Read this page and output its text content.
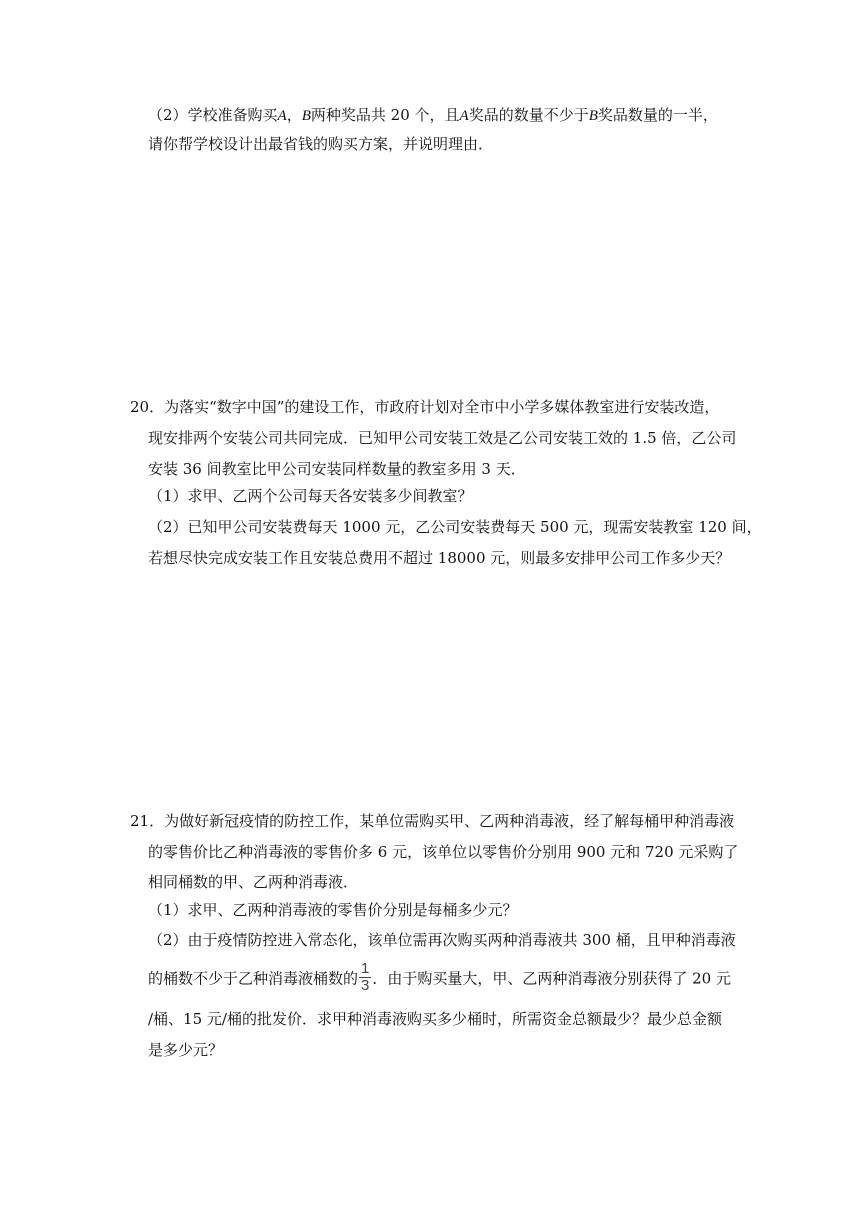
（2）学校准备购买A，B两种奖品共 20 个，且A奖品的数量不少于B奖品数量的一半，
请你帮学校设计出最省钱的购买方案，并说明理由．
20．为落实“数字中国”的建设工作，市政府计划对全市中小学多媒体教室进行安装改造，
现安排两个安装公司共同完成．已知甲公司安装工效是乙公司安装工效的 1.5 倍，乙公司
安装 36 间教室比甲公司安装同样数量的教室多用 3 天．
（1）求甲、乙两个公司每天各安装多少间教室？
（2）已知甲公司安装费每天 1000 元，乙公司安装费每天 500 元，现需安装教室 120 间，
若想尽快完成安装工作且安装总费用不超过 18000 元，则最多安排甲公司工作多少天？
21．为做好新冠疫情的防控工作，某单位需购买甲、乙两种消毒液，经了解每桶甲种消毒液
的零售价比乙种消毒液的零售价多 6 元，该单位以零售价分别用 900 元和 720 元采购了
相同桶数的甲、乙两种消毒液．
（1）求甲、乙两种消毒液的零售价分别是每桶多少元？
（2）由于疫情防控进入常态化，该单位需再次购买两种消毒液共 300 桶，且甲种消毒液
的桶数不少于乙种消毒液桶数的 $\frac{1}{3}$ ．由于购买量大，甲、乙两种消毒液分别获得了 20 元
/桶、15 元/桶的批发价．求甲种消毒液购买多少桶时，所需资金总额最少？最少总金额
是多少元？
